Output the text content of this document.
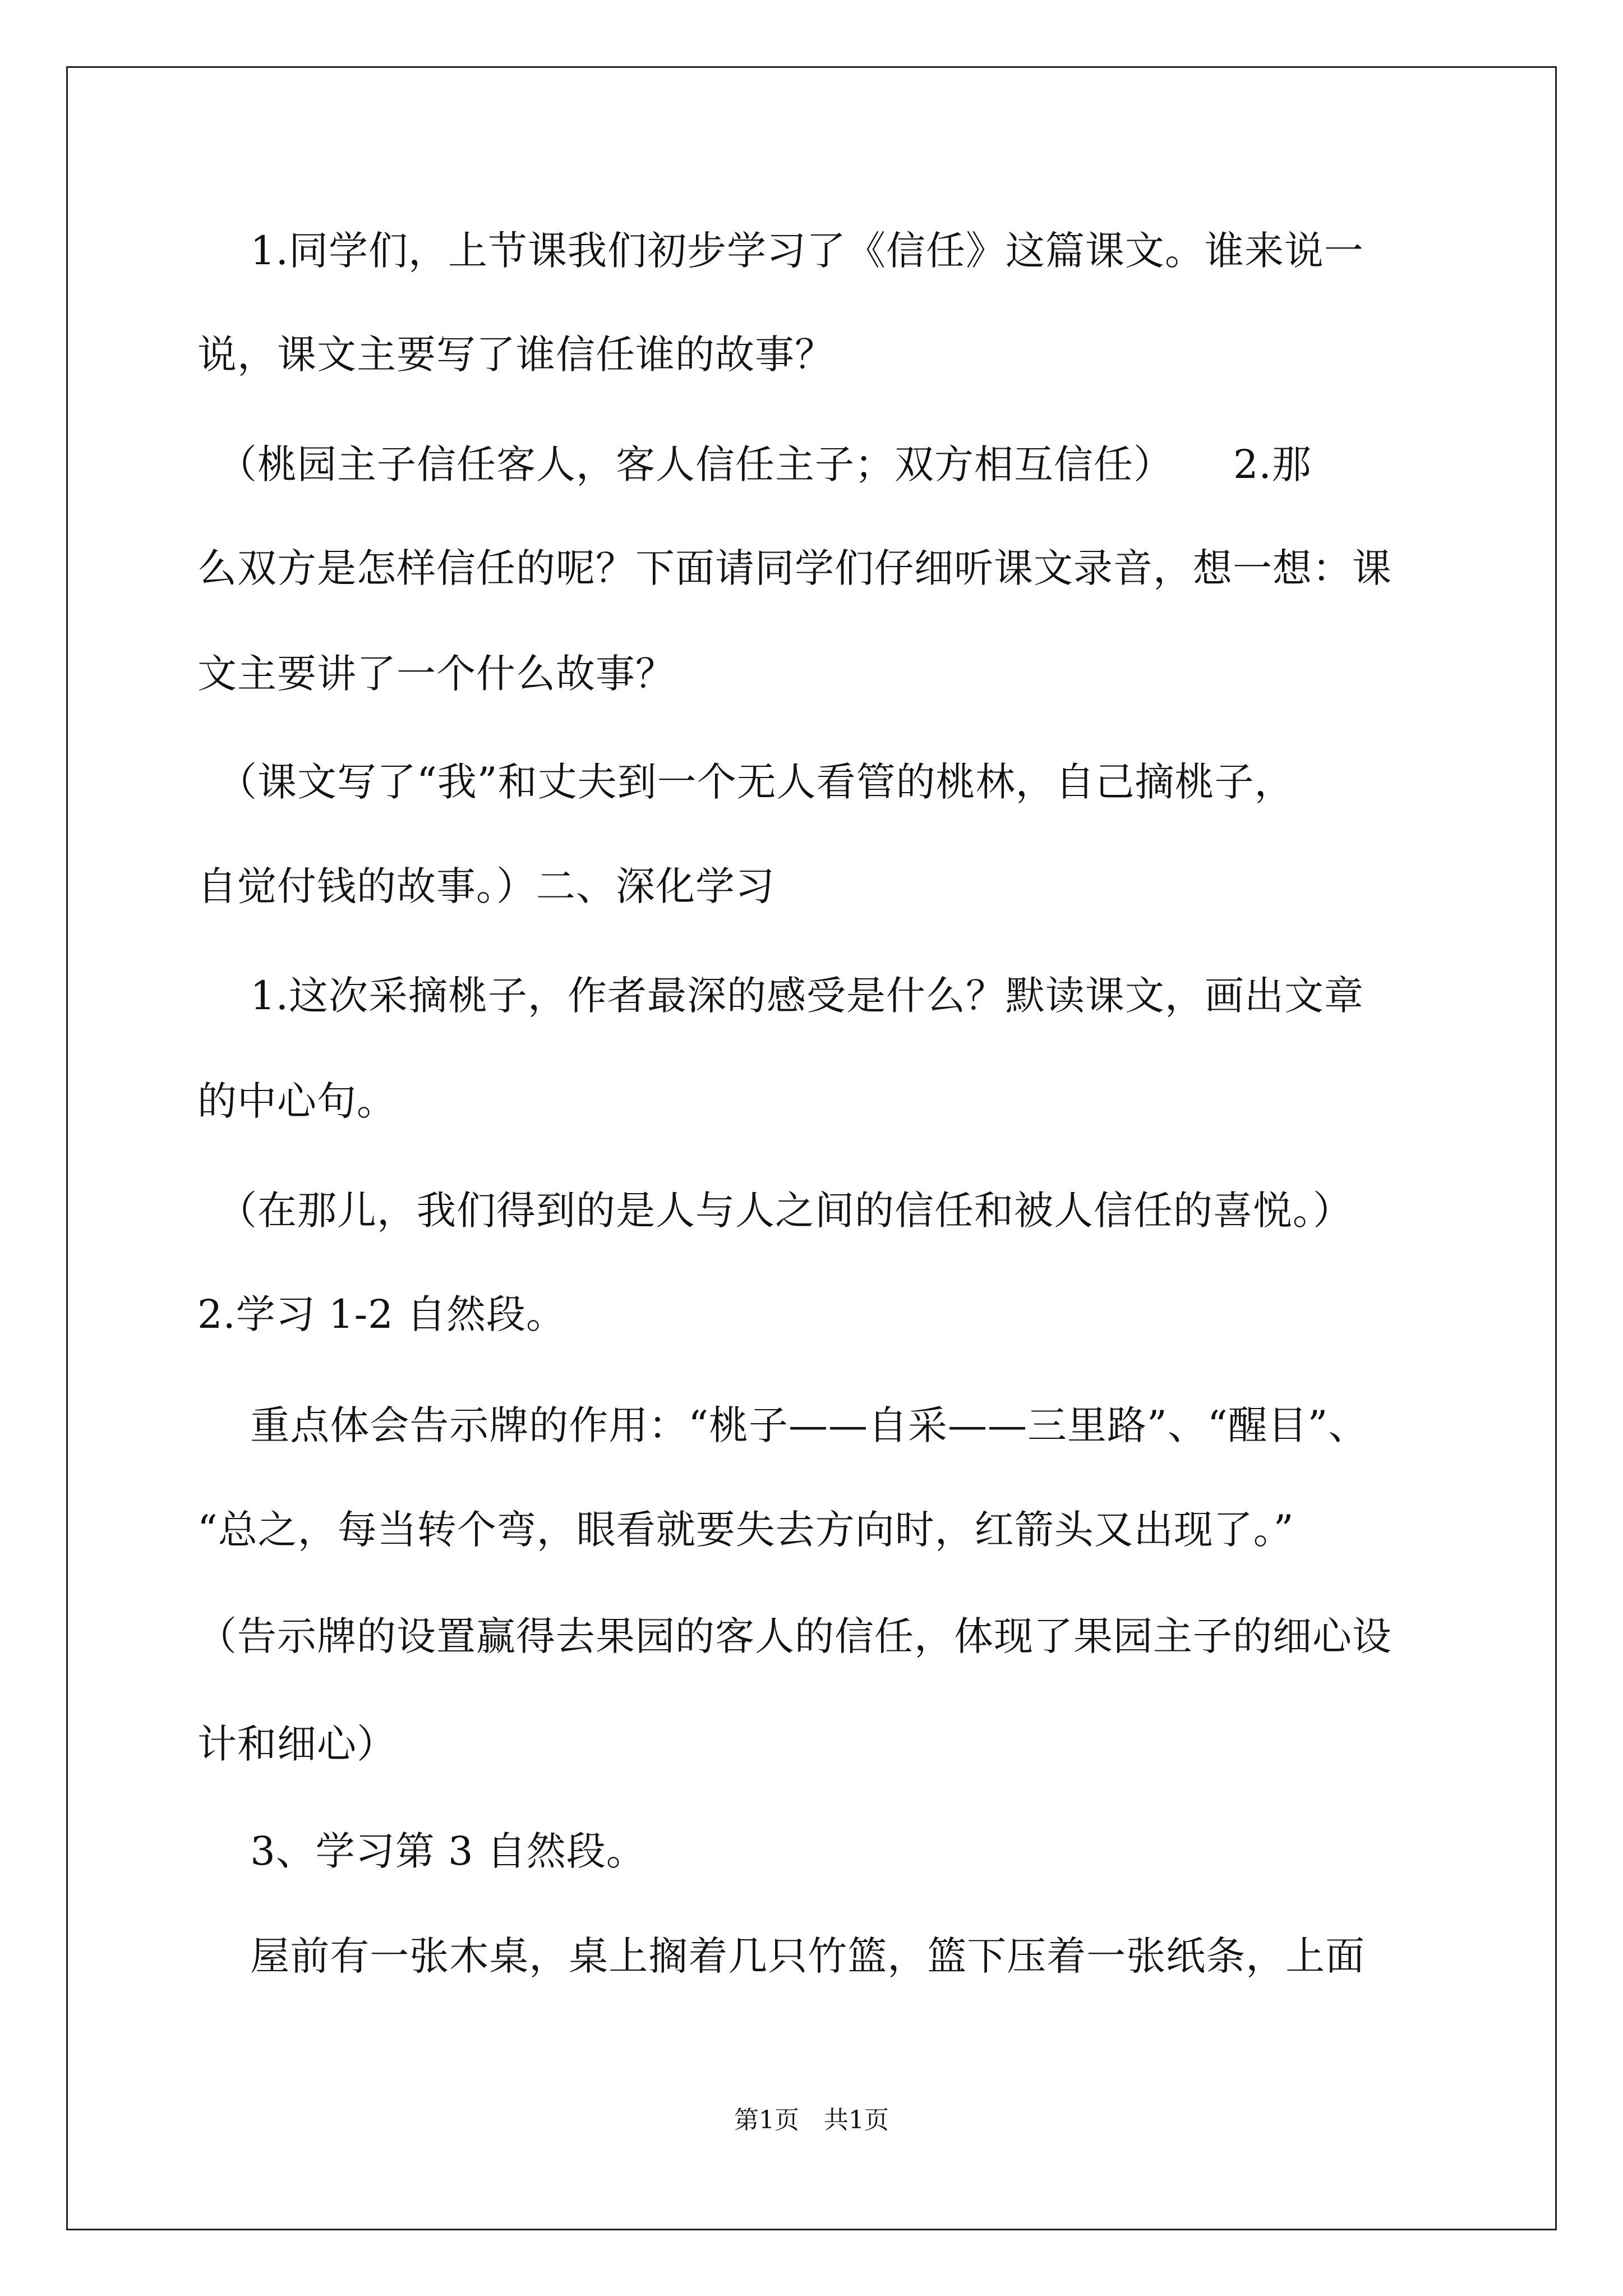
　 1.同学们，上节课我们初步学习了《信任》这篇课文。谁来说一
说，课文主要写了谁信任谁的故事？
　（桃园主子信任客人，客人信任主子；双方相互信任）　　2.那
么双方是怎样信任的呢？下面请同学们仔细听课文录音，想一想：课
文主要讲了一个什么故事？
　（课文写了“我”和丈夫到一个无人看管的桃林，自己摘桃子，
自觉付钱的故事。）二、深化学习
　 1.这次采摘桃子，作者最深的感受是什么？默读课文，画出文章
的中心句。
　（在那儿，我们得到的是人与人之间的信任和被人信任的喜悦。）
2.学习 1-2 自然段。
　 重点体会告示牌的作用：“桃子——自采——三里路”、“醒目”、
“总之，每当转个弯，眼看就要失去方向时，红箭头又出现了。”
（告示牌的设置赢得去果园的客人的信任，体现了果园主子的细心设
计和细心）
　 3、学习第 3 自然段。
　 屋前有一张木桌，桌上搁着几只竹篮，篮下压着一张纸条，上面
第1页　共1页
